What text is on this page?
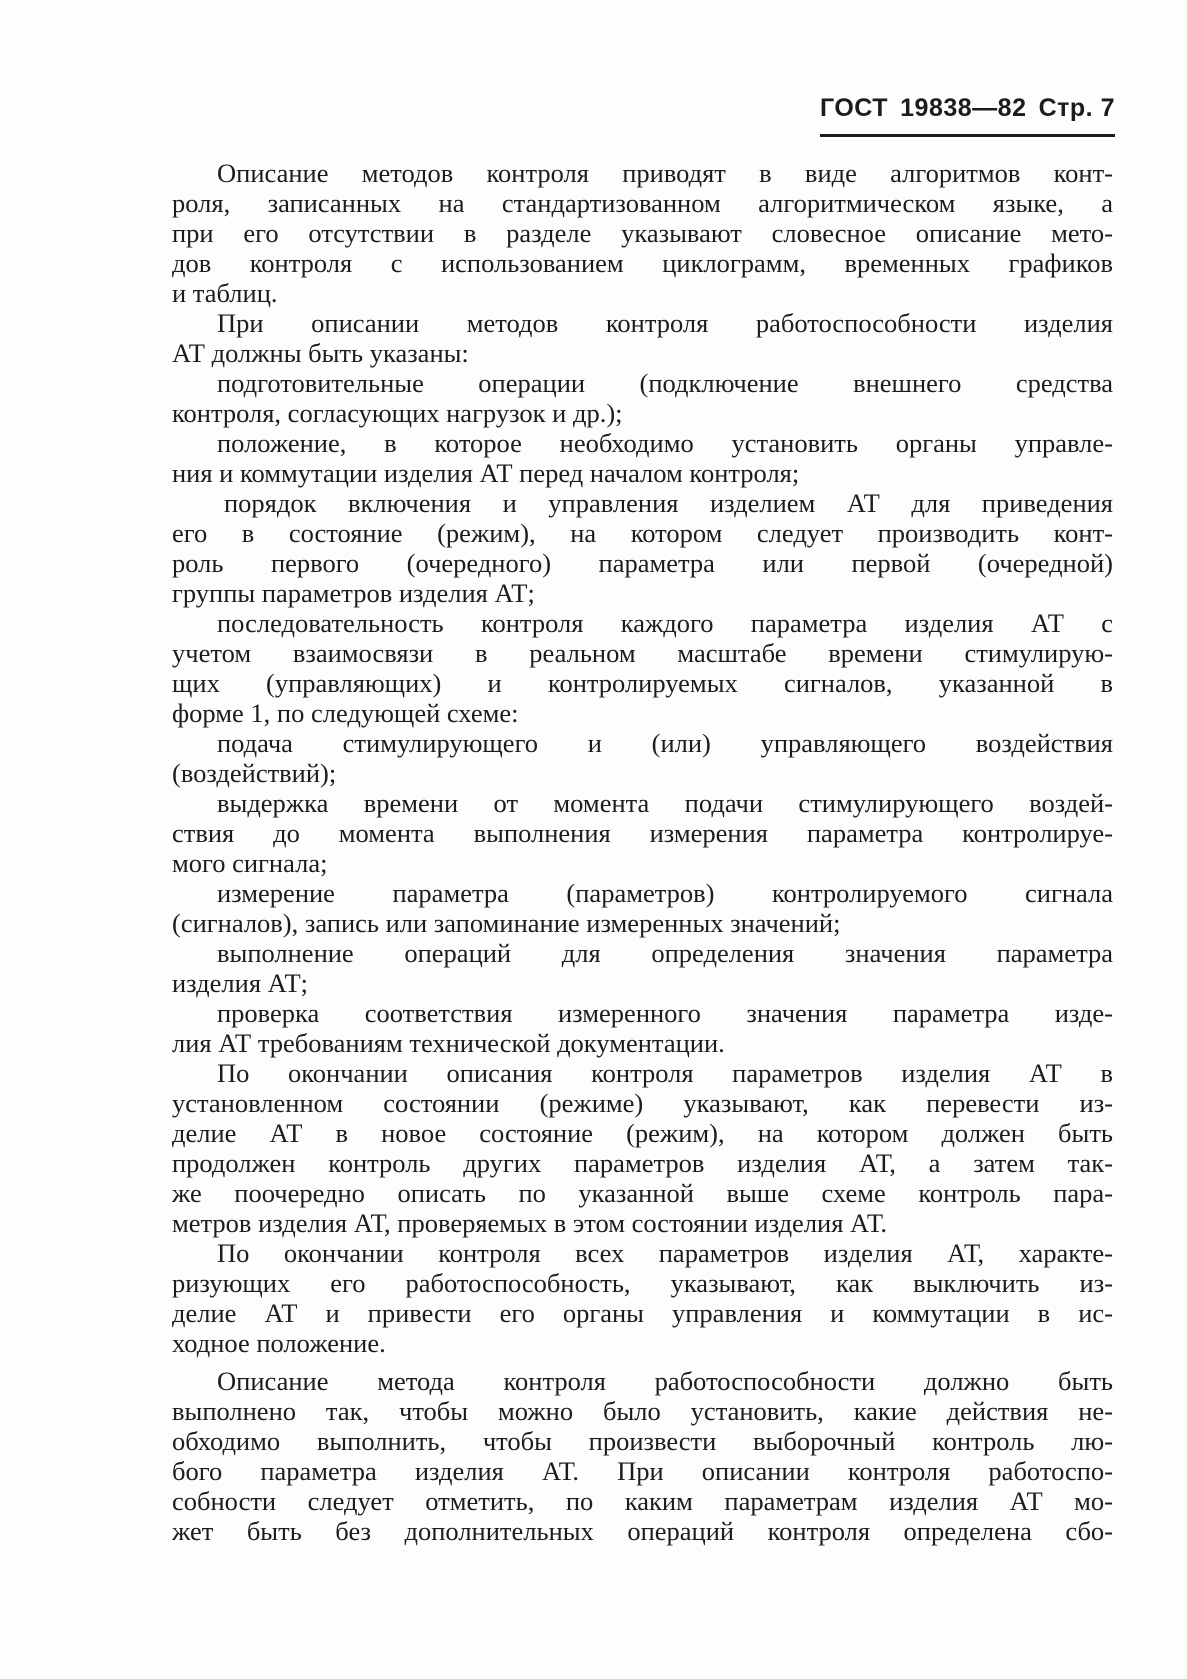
ГОСТ 19838—82 Стр. 7
Описание методов контроля приводят в виде алгоритмов конт-
роля, записанных на стандартизованном алгоритмическом языке, а
при его отсутствии в разделе указывают словесное описание мето-
дов контроля с использованием циклограмм, временных графиков
и таблиц.
При описании методов контроля работоспособности изделия
АТ должны быть указаны:
подготовительные операции (подключение внешнего средства
контроля, согласующих нагрузок и др.);
положение, в которое необходимо установить органы управле-
ния и коммутации изделия АТ перед началом контроля;
порядок включения и управления изделием АТ для приведения
его в состояние (режим), на котором следует производить конт-
роль первого (очередного) параметра или первой (очередной)
группы параметров изделия АТ;
последовательность контроля каждого параметра изделия АТ с
учетом взаимосвязи в реальном масштабе времени стимулирую-
щих (управляющих) и контролируемых сигналов, указанной в
форме 1, по следующей схеме:
подача стимулирующего и (или) управляющего воздействия
(воздействий);
выдержка времени от момента подачи стимулирующего воздей-
ствия до момента выполнения измерения параметра контролируе-
мого сигнала;
измерение параметра (параметров) контролируемого сигнала
(сигналов), запись или запоминание измеренных значений;
выполнение операций для определения значения параметра
изделия АТ;
проверка соответствия измеренного значения параметра изде-
лия АТ требованиям технической документации.
По окончании описания контроля параметров изделия АТ в
установленном состоянии (режиме) указывают, как перевести из-
делие АТ в новое состояние (режим), на котором должен быть
продолжен контроль других параметров изделия АТ, а затем так-
же поочередно описать по указанной выше схеме контроль пара-
метров изделия АТ, проверяемых в этом состоянии изделия АТ.
По окончании контроля всех параметров изделия АТ, характе-
ризующих его работоспособность, указывают, как выключить из-
делие АТ и привести его органы управления и коммутации в ис-
ходное положение.
Описание метода контроля работоспособности должно быть
выполнено так, чтобы можно было установить, какие действия не-
обходимо выполнить, чтобы произвести выборочный контроль лю-
бого параметра изделия АТ. При описании контроля работоспо-
собности следует отметить, по каким параметрам изделия АТ мо-
жет быть без дополнительных операций контроля определена сбо-
